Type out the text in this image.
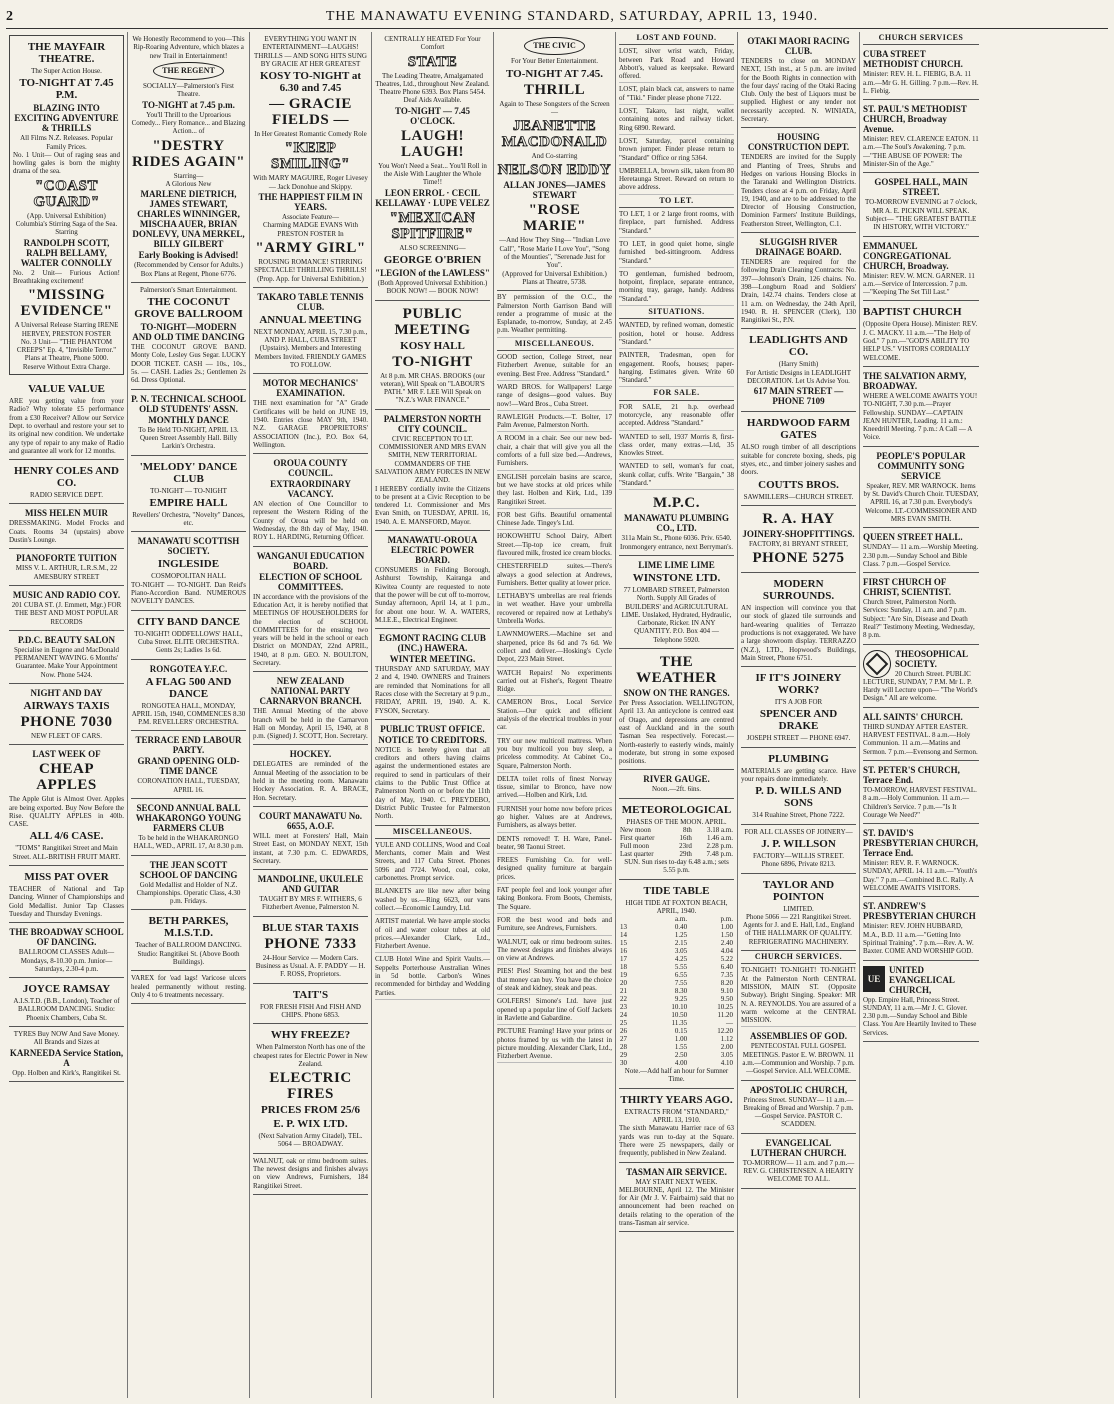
2	THE MANAWATU EVENING STANDARD, SATURDAY, APRIL 13, 1940.
THE MAYFAIR THEATRE.
The Super Action House.
TO-NIGHT AT 7.45 P.M.
BLAZING INTO EXCITING ADVENTURE & THRILLS
All Films N.Z. Releases. Popular Family Prices.
No. 1 Unit— Out of raging seas and howling gales is born the mighty drama of the sea.
"COAST GUARD"
(App. Universal Exhibition) Columbia's Stirring Saga of the Sea. Starring
RANDOLPH SCOTT, RALPH BELLAMY, WALTER CONNOLLY
No. 2 Unit— Furious Action! Breathtaking excitement!
"MISSING EVIDENCE"
A Universal Release Starring IRENE HERVEY, PRESTON FOSTER
No. 3 Unit— "THE PHANTOM CREEPS" Ep. 4, "Invisible Terror."
Plans at Theatre, Phone 5000. Reserve Without Extra Charge.
VALUE VALUE
ARE you getting value from your Radio? Why tolerate £5 performance from a £30 Receiver? Allow our Service Dept. to overhaul and restore your set to its original new condition. We undertake any type of repair to any make of Radio and guarantee all work for 12 months.
HENRY COLES AND CO.
RADIO SERVICE DEPT.
MISS HELEN MUIR
DRESSMAKING. Model Frocks and Coats. Rooms 34 (upstairs) above Dustin's Lounge.
PIANOFORTE TUITION
MISS V. L. ARTHUR, L.R.S.M., 22 AMESBURY STREET
MUSIC AND RADIO COY.
201 CUBA ST. (J. Emmett, Mgr.) FOR THE BEST AND MOST POPULAR RECORDS
P.D.C. BEAUTY SALON
Specialise in Eugene and MacDonald PERMANENT WAVING. 6 Months' Guarantee. Make Your Appointment Now. Phone 5424.
NIGHT AND DAY
AIRWAYS TAXIS
PHONE 7030
NEW FLEET OF CARS.
LAST WEEK OF
CHEAP APPLES
The Apple Glut is Almost Over. Apples are being exported. Buy Now Before the Rise. QUALITY APPLES in 40lb. CASE.
ALL 4/6 CASE.
"TOMS" Rangitikei Street and Main Street. ALL-BRITISH FRUIT MART.
MISS PAT OVER
TEACHER of National and Tap Dancing. Winner of Championships and Gold Medallist. Junior Tap Classes Tuesday and Thursday Evenings.
THE BROADWAY SCHOOL OF DANCING.
BALLROOM CLASSES Adult—Mondays, 8-10.30 p.m. Junior—Saturdays, 2.30-4 p.m.
JOYCE RAMSAY
A.I.S.T.D. (B.B., London), Teacher of BALLROOM DANCING. Studio: Phoenix Chambers, Cuba St.
TYRES Buy NOW And Save Money. All Brands and Sizes at
KARNEEDA Service Station, A
Opp. Holben and Kirk's, Rangitikei St.
We Honestly Recommend to you—This Rip-Roaring Adventure, which blazes a new Trail in Entertainment!
THE REGENT
SOCIALLY—Palmerston's First Theatre.
TO-NIGHT at 7.45 p.m.
You'll Thrill to the Uproarious Comedy... Fiery Romance... and Blazing Action... of
"DESTRY RIDES AGAIN"
Starring—
A Glorious New
MARLENE DIETRICH, JAMES STEWART, CHARLES WINNINGER, MISCHA AUER, BRIAN DONLEVY, UNA MERKEL, BILLY GILBERT
Early Booking is Advised!
(Recommended by Censor for Adults.) Box Plans at Regent, Phone 6776.
Palmerston's Smart Entertainment.
THE COCONUT GROVE BALLROOM
TO-NIGHT—MODERN AND OLD TIME DANCING
THE COCONUT GROVE BAND. Monty Cole, Lesley Gus Segar. LUCKY DOOR TICKET. CASH — 10s., 10s., 5s. — CASH. Ladies 2s.; Gentlemen 2s 6d. Dress Optional.
P. N. TECHNICAL SCHOOL OLD STUDENTS' ASSN.
MONTHLY DANCE
To Be Held TO-NIGHT, APRIL 13. Queen Street Assembly Hall. Billy Larkin's Orchestra.
'MELODY' DANCE CLUB
TO-NIGHT — TO-NIGHT
EMPIRE HALL
Revellers' Orchestra, "Novelty" Dances, etc.
MANAWATU SCOTTISH SOCIETY.
INGLESIDE
COSMOPOLITAN HALL
TO-NIGHT — TO-NIGHT. Dan Reid's Piano-Accordion Band. NUMEROUS NOVELTY DANCES.
CITY BAND DANCE
TO-NIGHT! ODDFELLOWS' HALL, Cuba Street. ELITE ORCHESTRA. Gents 2s; Ladies 1s 6d.
RONGOTEA Y.F.C.
A FLAG 500 AND DANCE
RONGOTEA HALL, MONDAY, APRIL 15th, 1940, COMMENCES 8.30 P.M. REVELLERS' ORCHESTRA.
TERRACE END LABOUR PARTY.
GRAND OPENING OLD-TIME DANCE
CORONATION HALL, TUESDAY, APRIL 16.
SECOND ANNUAL BALL WHAKARONGO YOUNG FARMERS CLUB
To be held in the WHAKARONGO HALL, WED., APRIL 17, At 8.30 p.m.
THE JEAN SCOTT SCHOOL OF DANCING
Gold Medallist and Holder of N.Z. Championships. Operatic Class, 4.30 p.m. Fridays.
BETH PARKES, M.I.S.T.D.
Teacher of BALLROOM DANCING. Studio: Rangitikei St. (Above Booth Buildings).
VAREX for 'ead lags! Varicose ulcers healed permanently without resting. Only 4 to 6 treatments necessary.
EVERYTHING YOU WANT IN ENTERTAINMENT—LAUGHS! THRILLS — AND SONG HITS SUNG BY GRACIE AT HER GREATEST
KOSY TO-NIGHT at 6.30 and 7.45
— GRACIE FIELDS —
In Her Greatest Romantic Comedy Role
"KEEP SMILING"
With MARY MAGUIRE, Roger Livesey — Jack Donohue and Skippy.
THE HAPPIEST FILM IN YEARS.
Associate Feature—
Charming MADGE EVANS With PRESTON FOSTER In
"ARMY GIRL"
ROUSING ROMANCE! STIRRING SPECTACLE! THRILLING THRILLS! (Prop. App. for Universal Exhibition.)
TAKARO TABLE TENNIS CLUB.
ANNUAL MEETING
NEXT MONDAY, APRIL 15, 7.30 p.m., AND P. HALL, CUBA STREET (Upstairs). Members and Interesting Members Invited. FRIENDLY GAMES TO FOLLOW.
MOTOR MECHANICS' EXAMINATION.
THE next examination for "A" Grade Certificates will be held on JUNE 19, 1940. Entries close MAY 9th, 1940. N.Z. GARAGE PROPRIETORS' ASSOCIATION (Inc.), P.O. Box 64, Wellington.
OROUA COUNTY COUNCIL.
EXTRAORDINARY VACANCY.
AN election of One Councillor to represent the Western Riding of the County of Oroua will be held on Wednesday, the 8th day of May, 1940. ROY L. HARDING, Returning Officer.
WANGANUI EDUCATION BOARD.
ELECTION OF SCHOOL COMMITTEES.
IN accordance with the provisions of the Education Act, it is hereby notified that MEETINGS OF HOUSEHOLDERS for the election of SCHOOL COMMITTEES for the ensuing two years will be held in the school or each District on MONDAY, 22nd APRIL, 1940, at 8 p.m. GEO. N. BOULTON, Secretary.
NEW ZEALAND NATIONAL PARTY CARNARVON BRANCH.
THE Annual Meeting of the above branch will be held in the Carnarvon Hall on Monday, April 15, 1940, at 8 p.m. (Signed) J. SCOTT, Hon. Secretary.
HOCKEY.
DELEGATES are reminded of the Annual Meeting of the association to be held in the meeting room. Manawatu Hockey Association. R. A. BRACE, Hon. Secretary.
COURT MANAWATU No. 6655, A.O.F.
WILL meet at Foresters' Hall, Main Street East, on MONDAY NEXT, 15th instant, at 7.30 p.m. C. EDWARDS, Secretary.
MANDOLINE, UKULELE AND GUITAR
TAUGHT BY MRS F. WITHERS, 6 Fitzherbert Avenue, Palmerston N.
BLUE STAR TAXIS
PHONE 7333
24-Hour Service — Modern Cars. Business as Usual. A. F. PADDY — H. F. ROSS, Proprietors.
TAIT'S
FOR FRESH FISH And FISH AND CHIPS. Phone 6853.
WHY FREEZE?
When Palmerston North has one of the cheapest rates for Electric Power in New Zealand.
ELECTRIC FIRES
PRICES FROM 25/6
E. P. WIX LTD.
(Next Salvation Army Citadel), TEL. 5064 — BROADWAY.
WALNUT, oak or rimu bedroom suites. The newest designs and finishes always on view Andrews, Furnishers, 184 Rangitikei Street.
CENTRALLY HEATED For Your Comfort
STATE
The Leading Theatre, Amalgamated Theatres, Ltd., throughout New Zealand.
Theatre Phone 6393. Box Plans 5454. Deaf Aids Available.
TO-NIGHT — 7.45 O'CLOCK.
LAUGH! LAUGH!
You Won't Need a Seat... You'll Roll in the Aisle With Laughter the Whole Time!!
LEON ERROL · CECIL KELLAWAY · LUPE VELEZ
"MEXICAN SPITFIRE"
ALSO SCREENING—
GEORGE O'BRIEN
"LEGION of the LAWLESS"
(Both Approved Universal Exhibition.) BOOK NOW! — BOOK NOW!
PUBLIC MEETING
KOSY HALL
TO-NIGHT
At 8 p.m. MR CHAS. BROOKS (our veteran), Will Speak on "LABOUR'S PATH." MR F. LEE Will Speak on "N.Z.'s WAR FINANCE."
PALMERSTON NORTH CITY COUNCIL.
CIVIC RECEPTION TO LT. COMMISSIONER AND MRS EVAN SMITH, NEW TERRITORIAL COMMANDERS OF THE SALVATION ARMY FORCES IN NEW ZEALAND.
I HEREBY cordially invite the Citizens to be present at a Civic Reception to be tendered Lt. Commissioner and Mrs Evan Smith, on TUESDAY, APRIL 16, 1940. A. E. MANSFORD, Mayor.
MANAWATU-OROUA ELECTRIC POWER BOARD.
CONSUMERS in Feilding Borough, Ashhurst Township, Kairanga and Kiwitea County are requested to note that the power will be cut off to-morrow, Sunday afternoon, April 14, at 1 p.m., for about one hour. W. A. WATERS, M.I.E.E., Electrical Engineer.
EGMONT RACING CLUB (INC.) HAWERA.
WINTER MEETING.
THURSDAY AND SATURDAY, MAY 2 and 4, 1940. OWNERS and Trainers are reminded that Nominations for all Races close with the Secretary at 9 p.m., FRIDAY, APRIL 19, 1940. A. K. FYSON, Secretary.
PUBLIC TRUST OFFICE.
NOTICE TO CREDITORS.
NOTICE is hereby given that all creditors and others having claims against the undermentioned estates are required to send in particulars of their claims to the Public Trust Office at Palmerston North on or before the 11th day of May, 1940. C. PREYDEBO, District Public Trustee for Palmerston North.
MISCELLANEOUS.
YULE AND COLLINS, Wood and Coal Merchants, corner Main and West Streets, and 117 Cuba Street. Phones 5096 and 7724. Wood, coal, coke, carbonettes. Prompt service.
BLANKETS are like new after being washed by us.—Ring 6623, our vans collect.—Economic Laundry, Ltd.
ARTIST material. We have ample stocks of oil and water colour tubes at old prices.—Alexander Clark, Ltd., Fitzherbert Avenue.
CLUB Hotel Wine and Spirit Vaults.—Seppelts Porterhouse Australian Wines in 5d bottle. Carbon's Wines recommended for birthday and Wedding Parties.
THE CIVIC
For Your Better Entertainment.
TO-NIGHT AT 7.45.
THRILL
Again to These Songsters of the Screen—
JEANETTE MACDONALD
And Co-starring
NELSON EDDY
ALLAN JONES—JAMES STEWART
"ROSE MARIE"
—And How They Sing— "Indian Love Call", "Rose Marie I Love You", "Song of the Mounties", "Serenade Just for You".
(Approved for Universal Exhibition.) Plans at Theatre, 5738.
BY permission of the O.C., the Palmerston North Garrison Band will render a programme of music at the Esplanade, to-morrow, Sunday, at 2.45 p.m. Weather permitting.
MISCELLANEOUS.
GOOD section, College Street, near Fitzherbert Avenue, suitable for an evening. Best Free. Address "Standard."
WARD BROS. for Wallpapers! Large range of designs—good values. Buy now!—Ward Bros., Cuba Street.
RAWLEIGH Products.—T. Bolter, 17 Palm Avenue, Palmerston North.
A ROOM in a chair. See our new bed-chair, a chair that will give you all the comforts of a full size bed.—Andrews, Furnishers.
ENGLISH porcelain basins are scarce, but we have stocks at old prices while they last. Holben and Kirk, Ltd., 139 Rangitikei Street.
FOR best Gifts. Beautiful ornamental Chinese Jade. Tingey's Ltd.
HOKOWHITU School Dairy, Albert Street.—Tip-top ice cream, fruit flavoured milk, frosted ice cream blocks.
CHESTERFIELD suites.—There's always a good selection at Andrews, Furnishers. Better quality at lower price.
LETHABY'S umbrellas are real friends in wet weather. Have your umbrella recovered or repaired now at Lethaby's Umbrella Works.
LAWNMOWERS.—Machine set and sharpened, price 8s 6d and 7s 6d. We collect and deliver.—Hosking's Cycle Depot, 223 Main Street.
WATCH Repairs! No experiments carried out at Fisher's, Regent Theatre Ridge.
CAMERON Bros., Local Service Station.—Our quick and efficient analysis of the electrical troubles in your car.
TRY our new multicoil mattress. When you buy multicoil you buy sleep, a priceless commodity. At Cabinet Co., Square, Palmerston North.
DELTA toilet rolls of finest Norway tissue, similar to Bronco, have now arrived.—Holben and Kirk, Ltd.
FURNISH your home now before prices go higher. Values are at Andrews, Furnishers, as always better.
DENTS removed! T. H. Ware, Panel-beater, 98 Taonui Street.
FREES Furnishing Co. for well-designed quality furniture at bargain prices.
FAT people feel and look younger after taking Bonkora. From Boots, Chemists, The Square.
FOR the best wood and beds and Furniture, see Andrews, Furnishers.
WALNUT, oak or rimu bedroom suites. The newest designs and finishes always on view at Andrews.
PIES! Pies! Steaming hot and the best that money can buy. You have the choice of steak and kidney, steak and peas.
GOLFERS! Simone's Ltd. have just opened up a popular line of Golf Jackets in Ravlette and Gabardine.
PICTURE Framing! Have your prints or photos framed by us with the latest in picture moulding. Alexander Clark, Ltd., Fitzherbert Avenue.
LOST AND FOUND.
LOST, silver wrist watch, Friday, between Park Road and Howard Abbott's, valued as keepsake. Reward offered.
LOST, plain black cat, answers to name of "Tiki." Finder please phone 7122.
LOST, Takaro, last night, wallet containing notes and railway ticket. Ring 6890. Reward.
LOST, Saturday, parcel containing brown jumper. Finder please return to "Standard" Office or ring 5364.
UMBRELLA, brown silk, taken from 80 Heretaunga Street. Reward on return to above address.
TO LET.
TO LET, 1 or 2 large front rooms, with fireplace, part furnished. Address "Standard."
TO LET, in good quiet home, single furnished bed-sittingroom. Address "Standard."
TO gentleman, furnished bedroom, hotpoint, fireplace, separate entrance, morning tray, garage, handy. Address "Standard."
SITUATIONS.
WANTED, by refined woman, domestic position, hotel or house. Address "Standard."
PAINTER, Tradesman, open for engagement. Roofs, houses; paper-hanging. Estimates given. Write 60 "Standard."
FOR SALE.
FOR SALE, 21 h.p. overhead motorcycle, any reasonable offer accepted. Address "Standard."
WANTED to sell, 1937 Morris 8, first-class order, many extras.—Ltd, 35 Knowles Street.
WANTED to sell, woman's fur coat, skunk collar, cuffs. Write "Bargain," 38 "Standard."
M.P.C.
MANAWATU PLUMBING CO., LTD.
311a Main St., Phone 6036. Priv. 6540. Ironmongery entrance, next Berryman's.
LIME LIME LIME
WINSTONE LTD.
77 LOMBARD STREET, Palmerston North. Supply All Grades of BUILDERS' and AGRICULTURAL LIME. Unslaked, Hydrated, Hydraulic, Carbonate, Ricker. IN ANY QUANTITY. P.O. Box 404 — Telephone 5920.
THE WEATHER
SNOW ON THE RANGES.
Per Press Association. WELLINGTON, April 13. An anticyclone is centred east of Otago, and depressions are centred east of Auckland and in the south Tasman Sea respectively. Forecast.—North-easterly to easterly winds, mainly moderate, but strong in some exposed positions.
RIVER GAUGE.
Noon.—2ft. 6ins.
METEOROLOGICAL
PHASES OF THE MOON. APRIL.
New moon	8th	3.18 a.m.
First quarter	16th	1.46 a.m.
Full moon	23rd	2.28 p.m.
Last quarter	29th	7.48 p.m.
SUN. Sun rises to-day 6.48 a.m.; sets 5.55 p.m.
TIDE TABLE
HIGH TIDE AT FOXTON BEACH, APRIL, 1940.
	a.m.	p.m.
13	0.40	1.00
14	1.25	1.50
15	2.15	2.40
16	3.05	4.04
17	4.25	5.22
18	5.55	6.40
19	6.55	7.35
20	7.55	8.20
21	8.30	9.10
22	9.25	9.50
23	10.10	10.25
24	10.50	11.20
25	11.35	—
26	0.15	12.20
27	1.00	1.12
28	1.55	2.00
29	2.50	3.05
30	4.00	4.10
Note.—Add half an hour for Sumner Time.
THIRTY YEARS AGO.
EXTRACTS FROM "STANDARD," APRIL 13, 1910.
The sixth Manawatu Harrier race of 63 yards was run to-day at the Square. There were 25 newspapers, daily or frequently, published in New Zealand.
TASMAN AIR SERVICE.
MAY START NEXT WEEK.
MELBOURNE, April 12. The Minister for Air (Mr J. V. Fairbairn) said that no announcement had been reached on details relating to the operation of the trans-Tasman air service.
OTAKI MAORI RACING CLUB.
TENDERS to close on MONDAY NEXT, 15th inst., at 5 p.m. are invited for the Booth Rights in connection with the four days' racing of the Otaki Racing Club. Only the best of Liquors must be supplied. Highest or any tender not necessarily accepted. N. WINIATA, Secretary.
HOUSING CONSTRUCTION DEPT.
TENDERS are invited for the Supply and Planting of Trees, Shrubs and Hedges on various Housing Blocks in the Taranaki and Wellington Districts. Tenders close at 4 p.m. on Friday, April 19, 1940, and are to be addressed to the Director of Housing Construction, Dominion Farmers' Institute Buildings, Featherston Street, Wellington, C.1.
SLUGGISH RIVER DRAINAGE BOARD.
TENDERS are required for the following Drain Cleaning Contracts: No. 397—Johnson's Drain, 126 chains. No. 398—Longburn Road and Soldiers' Drain, 142.74 chains. Tenders close at 11 a.m. on Wednesday, the 24th April, 1940. R. H. SPENCER (Clerk), 130 Rangitikei St., P.N.
LEADLIGHTS AND CO.
(Harry Smith)
For Artistic Designs in LEADLIGHT DECORATION. Let Us Advise You.
617 MAIN STREET — PHONE 7109
HARDWOOD FARM GATES
ALSO rough timber of all descriptions suitable for concrete boxing, sheds, pig styes, etc., and timber joinery sashes and doors.
COUTTS BROS.
SAWMILLERS—CHURCH STREET.
R. A. HAY
JOINERY-SHOPFITTINGS.
FACTORY, 81 BRYANT STREET,
PHONE 5275
MODERN SURROUNDS.
AN inspection will convince you that our stock of glazed tile surrounds and hard-wearing qualities of Terrazzo productions is not exaggerated. We have a large showroom display. TERRAZZO (N.Z.), LTD., Hopwood's Buildings, Main Street, Phone 6751.
IF IT'S JOINERY WORK?
IT'S A JOB FOR
SPENCER AND DRAKE
JOSEPH STREET — PHONE 6947.
PLUMBING
MATERIALS are getting scarce. Have your repairs done immediately.
P. D. WILLS AND SONS
314 Ruahine Street, Phone 7222.
FOR ALL CLASSES OF JOINERY—
J. P. WILLSON
FACTORY—WILLIS STREET.
Phone 6896, Private 8213.
TAYLOR AND POINTON
LIMITED.
Phone 5066 — 221 Rangitikei Street. Agents for J. and E. Hall, Ltd., England of THE HALLMARK OF QUALITY. REFRIGERATING MACHINERY.
CHURCH SERVICES.
TO-NIGHT! TO-NIGHT! TO-NIGHT! At the Palmerston North CENTRAL MISSION, MAIN ST. (Opposite Subway). Bright Singing. Speaker: MR N. A. REYNOLDS. You are assured of a warm welcome at the CENTRAL MISSION.
ASSEMBLIES OF GOD.
PENTECOSTAL FULL GOSPEL MEETINGS. Pastor E. W. BROWN. 11 a.m.—Communion and Worship. 7 p.m.—Gospel Service. ALL WELCOME.
APOSTOLIC CHURCH,
Princess Street. SUNDAY— 11 a.m.—Breaking of Bread and Worship. 7 p.m.—Gospel Service. PASTOR C. SCADDEN.
EVANGELICAL LUTHERAN CHURCH.
TO-MORROW— 11 a.m. and 7 p.m.—REV. G. CHRISTENSEN. A HEARTY WELCOME TO ALL.
CHURCH SERVICES
CUBA STREET METHODIST CHURCH.
Minister: REV. H. L. FIEBIG, B.A. 11 a.m.—Mr G. H. Gilling. 7 p.m.—Rev. H. L. Fiebig.
ST. PAUL'S METHODIST CHURCH, Broadway Avenue.
Minister: REV. CLARENCE EATON. 11 a.m.—The Soul's Awakening. 7 p.m.—"THE ABUSE OF POWER: The Minister-Sin of the Age."
GOSPEL HALL, MAIN STREET.
TO-MORROW EVENING at 7 o'clock, MR A. E. PICKIN WILL SPEAK. Subject— "THE GREATEST BATTLE IN HISTORY, WITH VICTORY."
EMMANUEL CONGREGATIONAL CHURCH, Broadway.
Minister: REV. W. MCN. GARNER. 11 a.m.—Service of Intercession. 7 p.m.—"Keeping The Set Till Last."
BAPTIST CHURCH
(Opposite Opera House). Minister: REV. J. C. MACKY. 11 a.m.—"The Help of God." 7 p.m.—"GOD'S ABILITY TO HELP US." VISITORS CORDIALLY WELCOME.
THE SALVATION ARMY, BROADWAY.
WHERE A WELCOME AWAITS YOU! TO-NIGHT, 7.30 p.m.—Prayer Fellowship. SUNDAY—CAPTAIN JEAN HUNTER, Leading. 11 a.m.: Kneedrill Meeting. 7 p.m.: A Call — A Voice.
PEOPLE'S POPULAR COMMUNITY SONG SERVICE
Speaker, REV. MR WARNOCK. Items by St. David's Church Choir. TUESDAY, APRIL 16, at 7.30 p.m. Everybody's Welcome. LT.-COMMISSIONER AND MRS EVAN SMITH.
QUEEN STREET HALL.
SUNDAY— 11 a.m.—Worship Meeting. 2.30 p.m.—Sunday School and Bible Class. 7 p.m.—Gospel Service.
FIRST CHURCH OF CHRIST, SCIENTIST.
Church Street, Palmerston North. Services: Sunday, 11 a.m. and 7 p.m. Subject: "Are Sin, Disease and Death Real?" Testimony Meeting, Wednesday, 8 p.m.
THEOSOPHICAL SOCIETY.
20 Church Street. PUBLIC LECTURE, SUNDAY, 7 P.M. Mr L. P. Hardy will Lecture upon— "The World's Design." All are welcome.
ALL SAINTS' CHURCH.
THIRD SUNDAY AFTER EASTER. HARVEST FESTIVAL. 8 a.m.—Holy Communion. 11 a.m.—Matins and Sermon. 7 p.m.—Evensong and Sermon.
ST. PETER'S CHURCH, Terrace End.
TO-MORROW, HARVEST FESTIVAL. 8 a.m.—Holy Communion. 11 a.m.—Children's Service. 7 p.m.—"Is It Courage We Need?"
ST. DAVID'S PRESBYTERIAN CHURCH, Terrace End.
Minister: REV. R. F. WARNOCK. SUNDAY, APRIL 14. 11 a.m.—"Youth's Day." 7 p.m.—Combined B.C. Rally. A WELCOME AWAITS VISITORS.
ST. ANDREW'S PRESBYTERIAN CHURCH
Minister: REV. JOHN HUBBARD, M.A., B.D. 11 a.m.—"Getting Into Spiritual Training". 7 p.m.—Rev. A. W. Baxter. COME AND WORSHIP GOD.
UE
UNITED EVANGELICAL CHURCH,
Opp. Empire Hall, Princess Street. SUNDAY, 11 a.m.—Mr J. C. Glover. 2.30 p.m.—Sunday School and Bible Class. You Are Heartily Invited to These Services.
